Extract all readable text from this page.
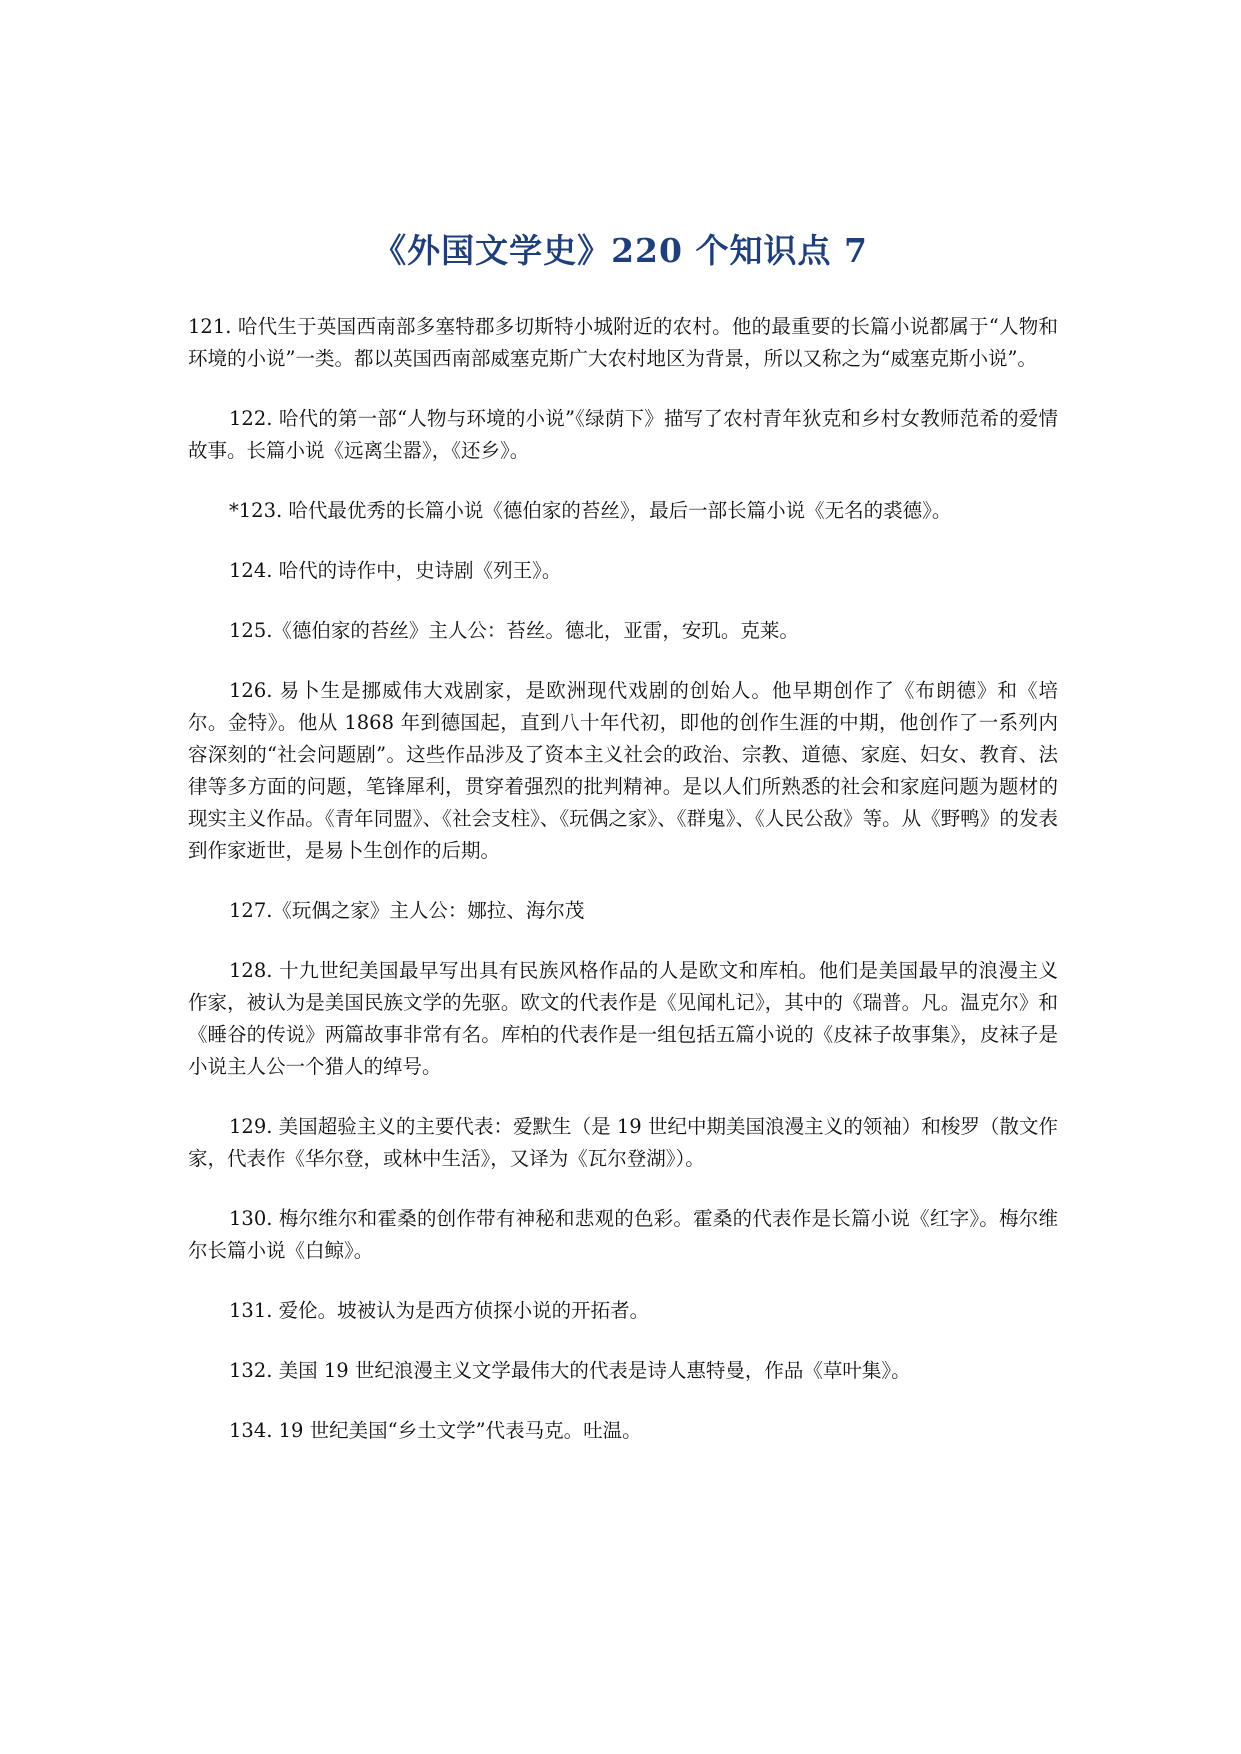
《外国文学史》220 个知识点 7

121. 哈代生于英国西南部多塞特郡多切斯特小城附近的农村。他的最重要的长篇小说都属于“人物和环境的小说”一类。都以英国西南部威塞克斯广大农村地区为背景，所以又称之为“威塞克斯小说”。

122. 哈代的第一部“人物与环境的小说”《绿荫下》描写了农村青年狄克和乡村女教师范希的爱情故事。长篇小说《远离尘嚣》，《还乡》。

*123. 哈代最优秀的长篇小说《德伯家的苔丝》，最后一部长篇小说《无名的裘德》。

124. 哈代的诗作中，史诗剧《列王》。

125.《德伯家的苔丝》主人公：苔丝。德北，亚雷，安玑。克莱。

126. 易卜生是挪威伟大戏剧家，是欧洲现代戏剧的创始人。他早期创作了《布朗德》和《培尔。金特》。他从 1868 年到德国起，直到八十年代初，即他的创作生涯的中期，他创作了一系列内容深刻的“社会问题剧”。这些作品涉及了资本主义社会的政治、宗教、道德、家庭、妇女、教育、法律等多方面的问题，笔锋犀利，贯穿着强烈的批判精神。是以人们所熟悉的社会和家庭问题为题材的现实主义作品。《青年同盟》、《社会支柱》、《玩偶之家》、《群鬼》、《人民公敌》等。从《野鸭》的发表到作家逝世，是易卜生创作的后期。

127.《玩偶之家》主人公：娜拉、海尔茂

128. 十九世纪美国最早写出具有民族风格作品的人是欧文和库柏。他们是美国最早的浪漫主义作家，被认为是美国民族文学的先驱。欧文的代表作是《见闻札记》，其中的《瑞普。凡。温克尔》和《睡谷的传说》两篇故事非常有名。库柏的代表作是一组包括五篇小说的《皮袜子故事集》，皮袜子是小说主人公一个猎人的绰号。

129. 美国超验主义的主要代表：爱默生（是 19 世纪中期美国浪漫主义的领袖）和梭罗（散文作家，代表作《华尔登，或林中生活》，又译为《瓦尔登湖》）。

130. 梅尔维尔和霍桑的创作带有神秘和悲观的色彩。霍桑的代表作是长篇小说《红字》。梅尔维尔长篇小说《白鲸》。

131. 爱伦。坡被认为是西方侦探小说的开拓者。

132. 美国 19 世纪浪漫主义文学最伟大的代表是诗人惠特曼，作品《草叶集》。

134. 19 世纪美国“乡土文学”代表马克。吐温。
